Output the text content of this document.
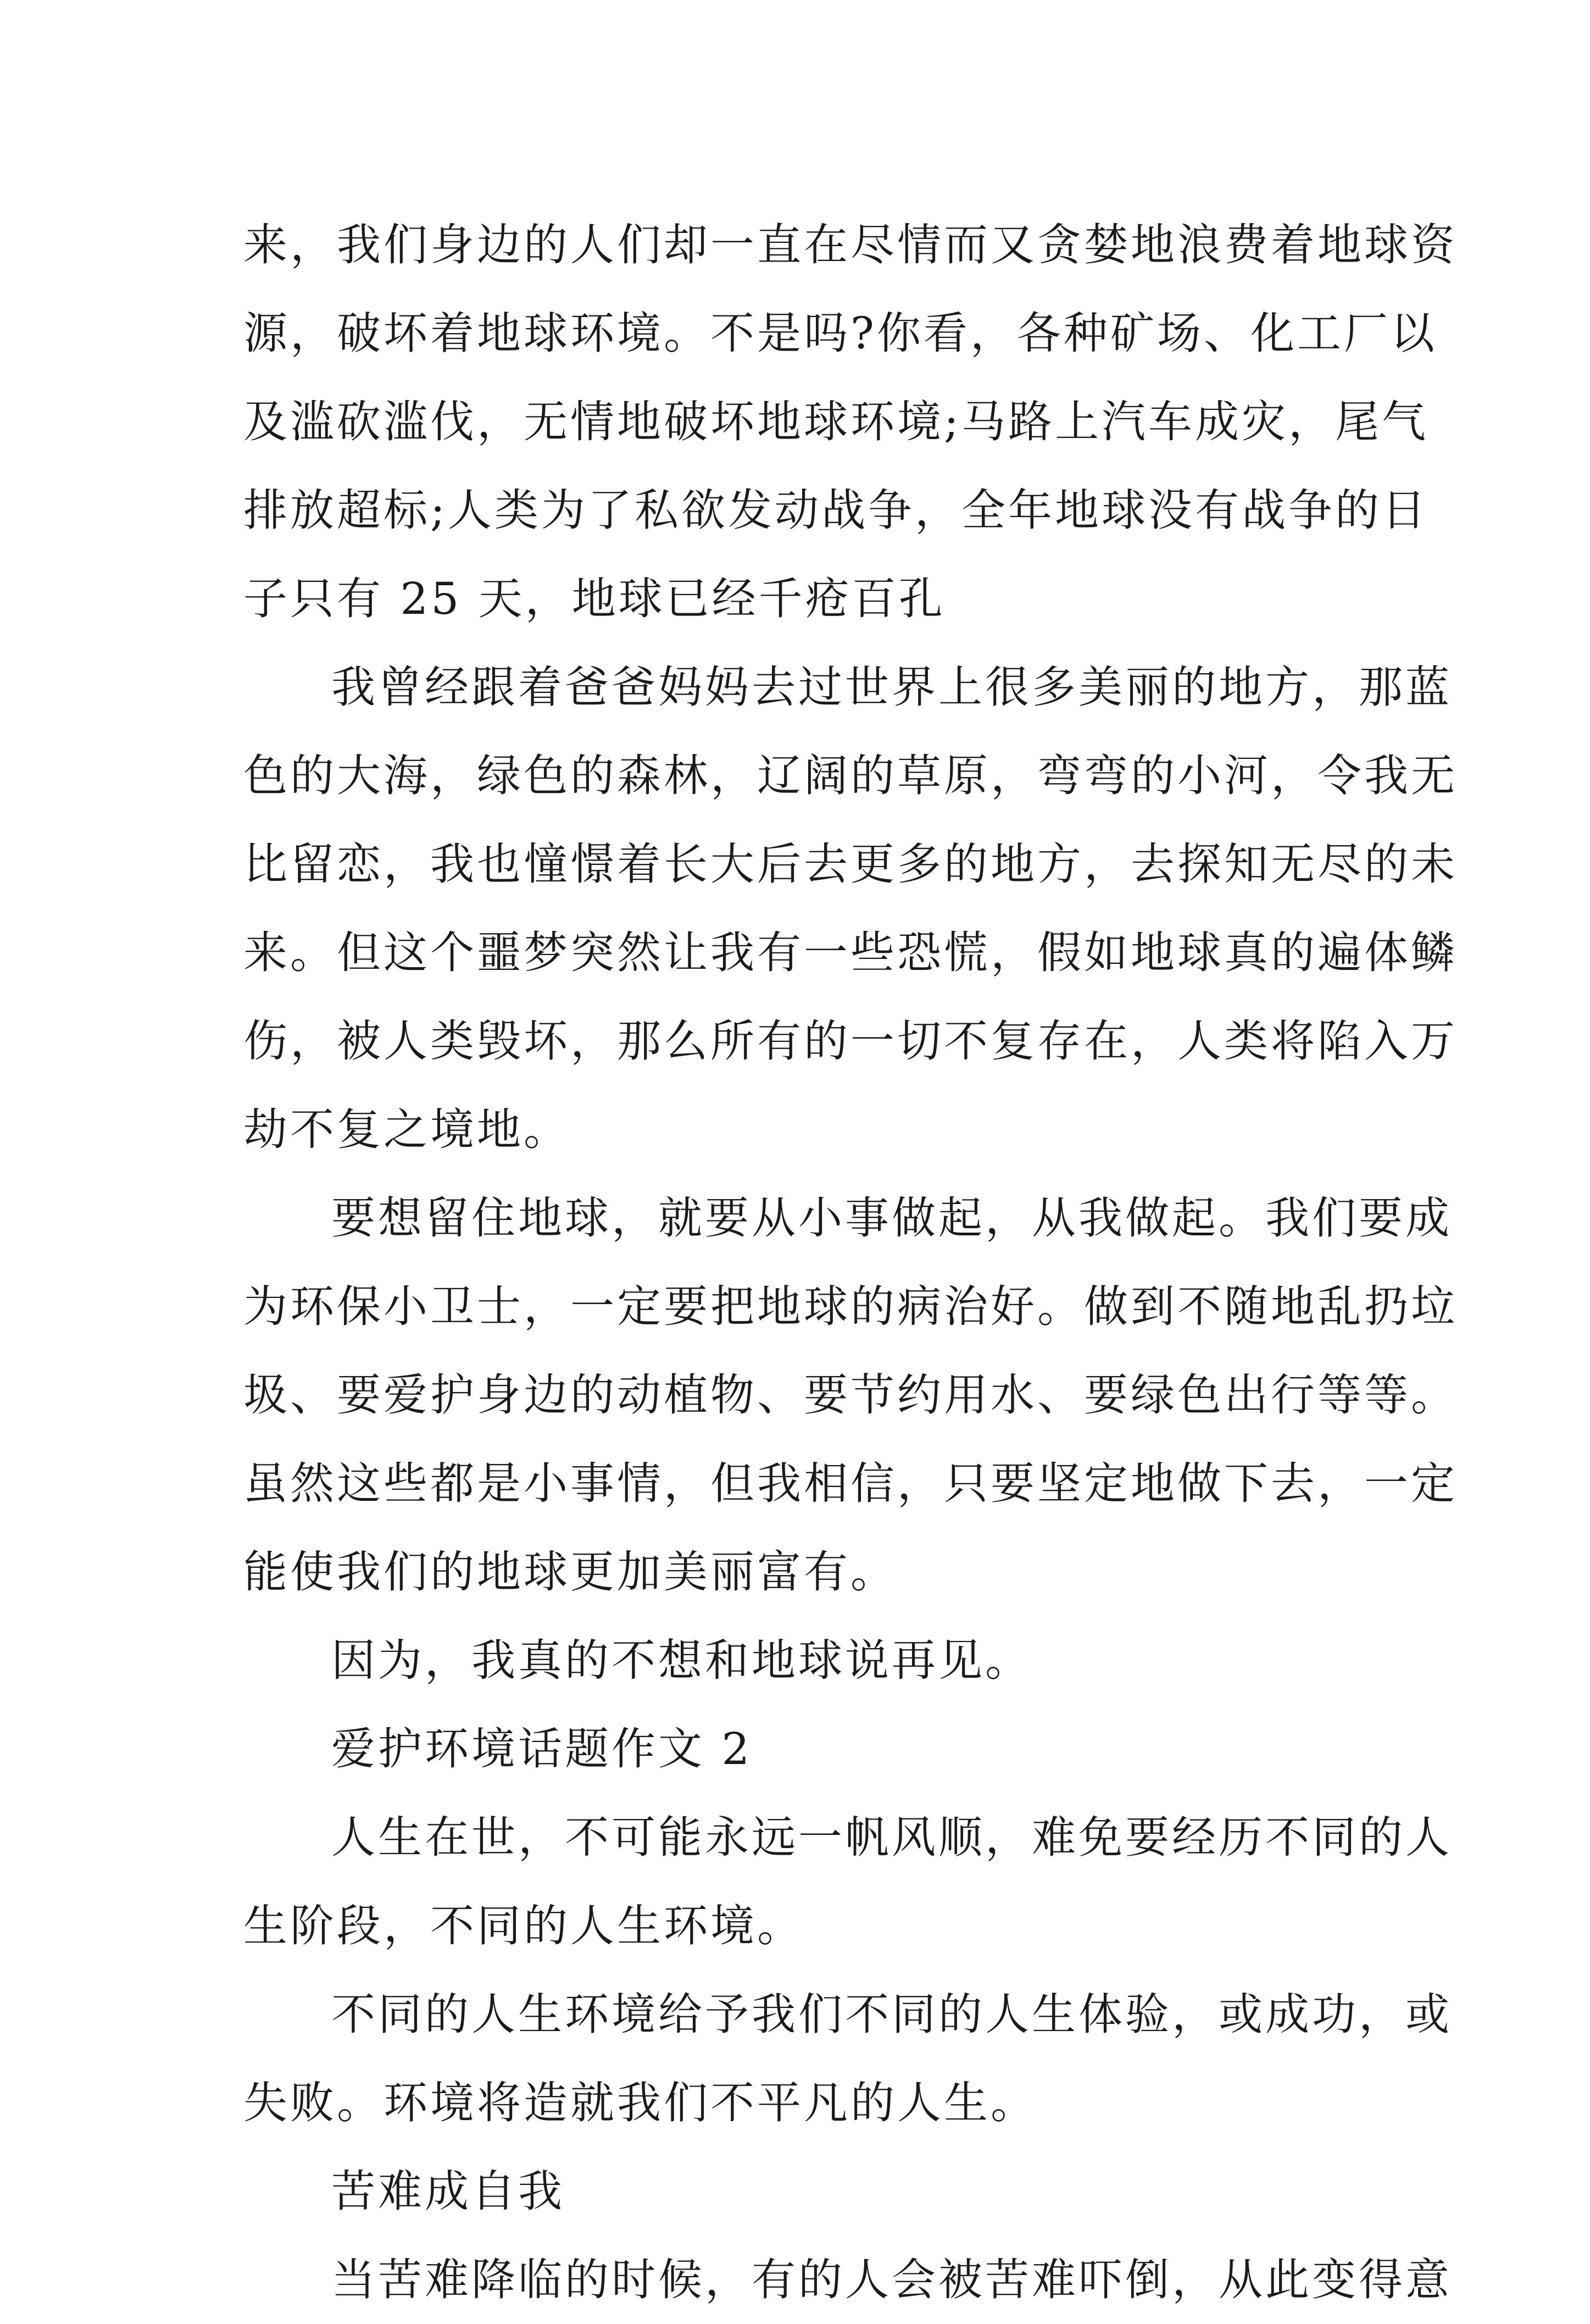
来，我们身边的人们却一直在尽情而又贪婪地浪费着地球资
源，破坏着地球环境。不是吗?你看，各种矿场、化工厂以
及滥砍滥伐，无情地破坏地球环境;马路上汽车成灾，尾气
排放超标;人类为了私欲发动战争，全年地球没有战争的日
子只有 25 天，地球已经千疮百孔
我曾经跟着爸爸妈妈去过世界上很多美丽的地方，那蓝
色的大海，绿色的森林，辽阔的草原，弯弯的小河，令我无
比留恋，我也憧憬着长大后去更多的地方，去探知无尽的未
来。但这个噩梦突然让我有一些恐慌，假如地球真的遍体鳞
伤，被人类毁坏，那么所有的一切不复存在，人类将陷入万
劫不复之境地。
要想留住地球，就要从小事做起，从我做起。我们要成
为环保小卫士，一定要把地球的病治好。做到不随地乱扔垃
圾、要爱护身边的动植物、要节约用水、要绿色出行等等。
虽然这些都是小事情，但我相信，只要坚定地做下去，一定
能使我们的地球更加美丽富有。
因为，我真的不想和地球说再见。
爱护环境话题作文 2
人生在世，不可能永远一帆风顺，难免要经历不同的人
生阶段，不同的人生环境。
不同的人生环境给予我们不同的人生体验，或成功，或
失败。环境将造就我们不平凡的人生。
苦难成自我
当苦难降临的时候，有的人会被苦难吓倒，从此变得意
